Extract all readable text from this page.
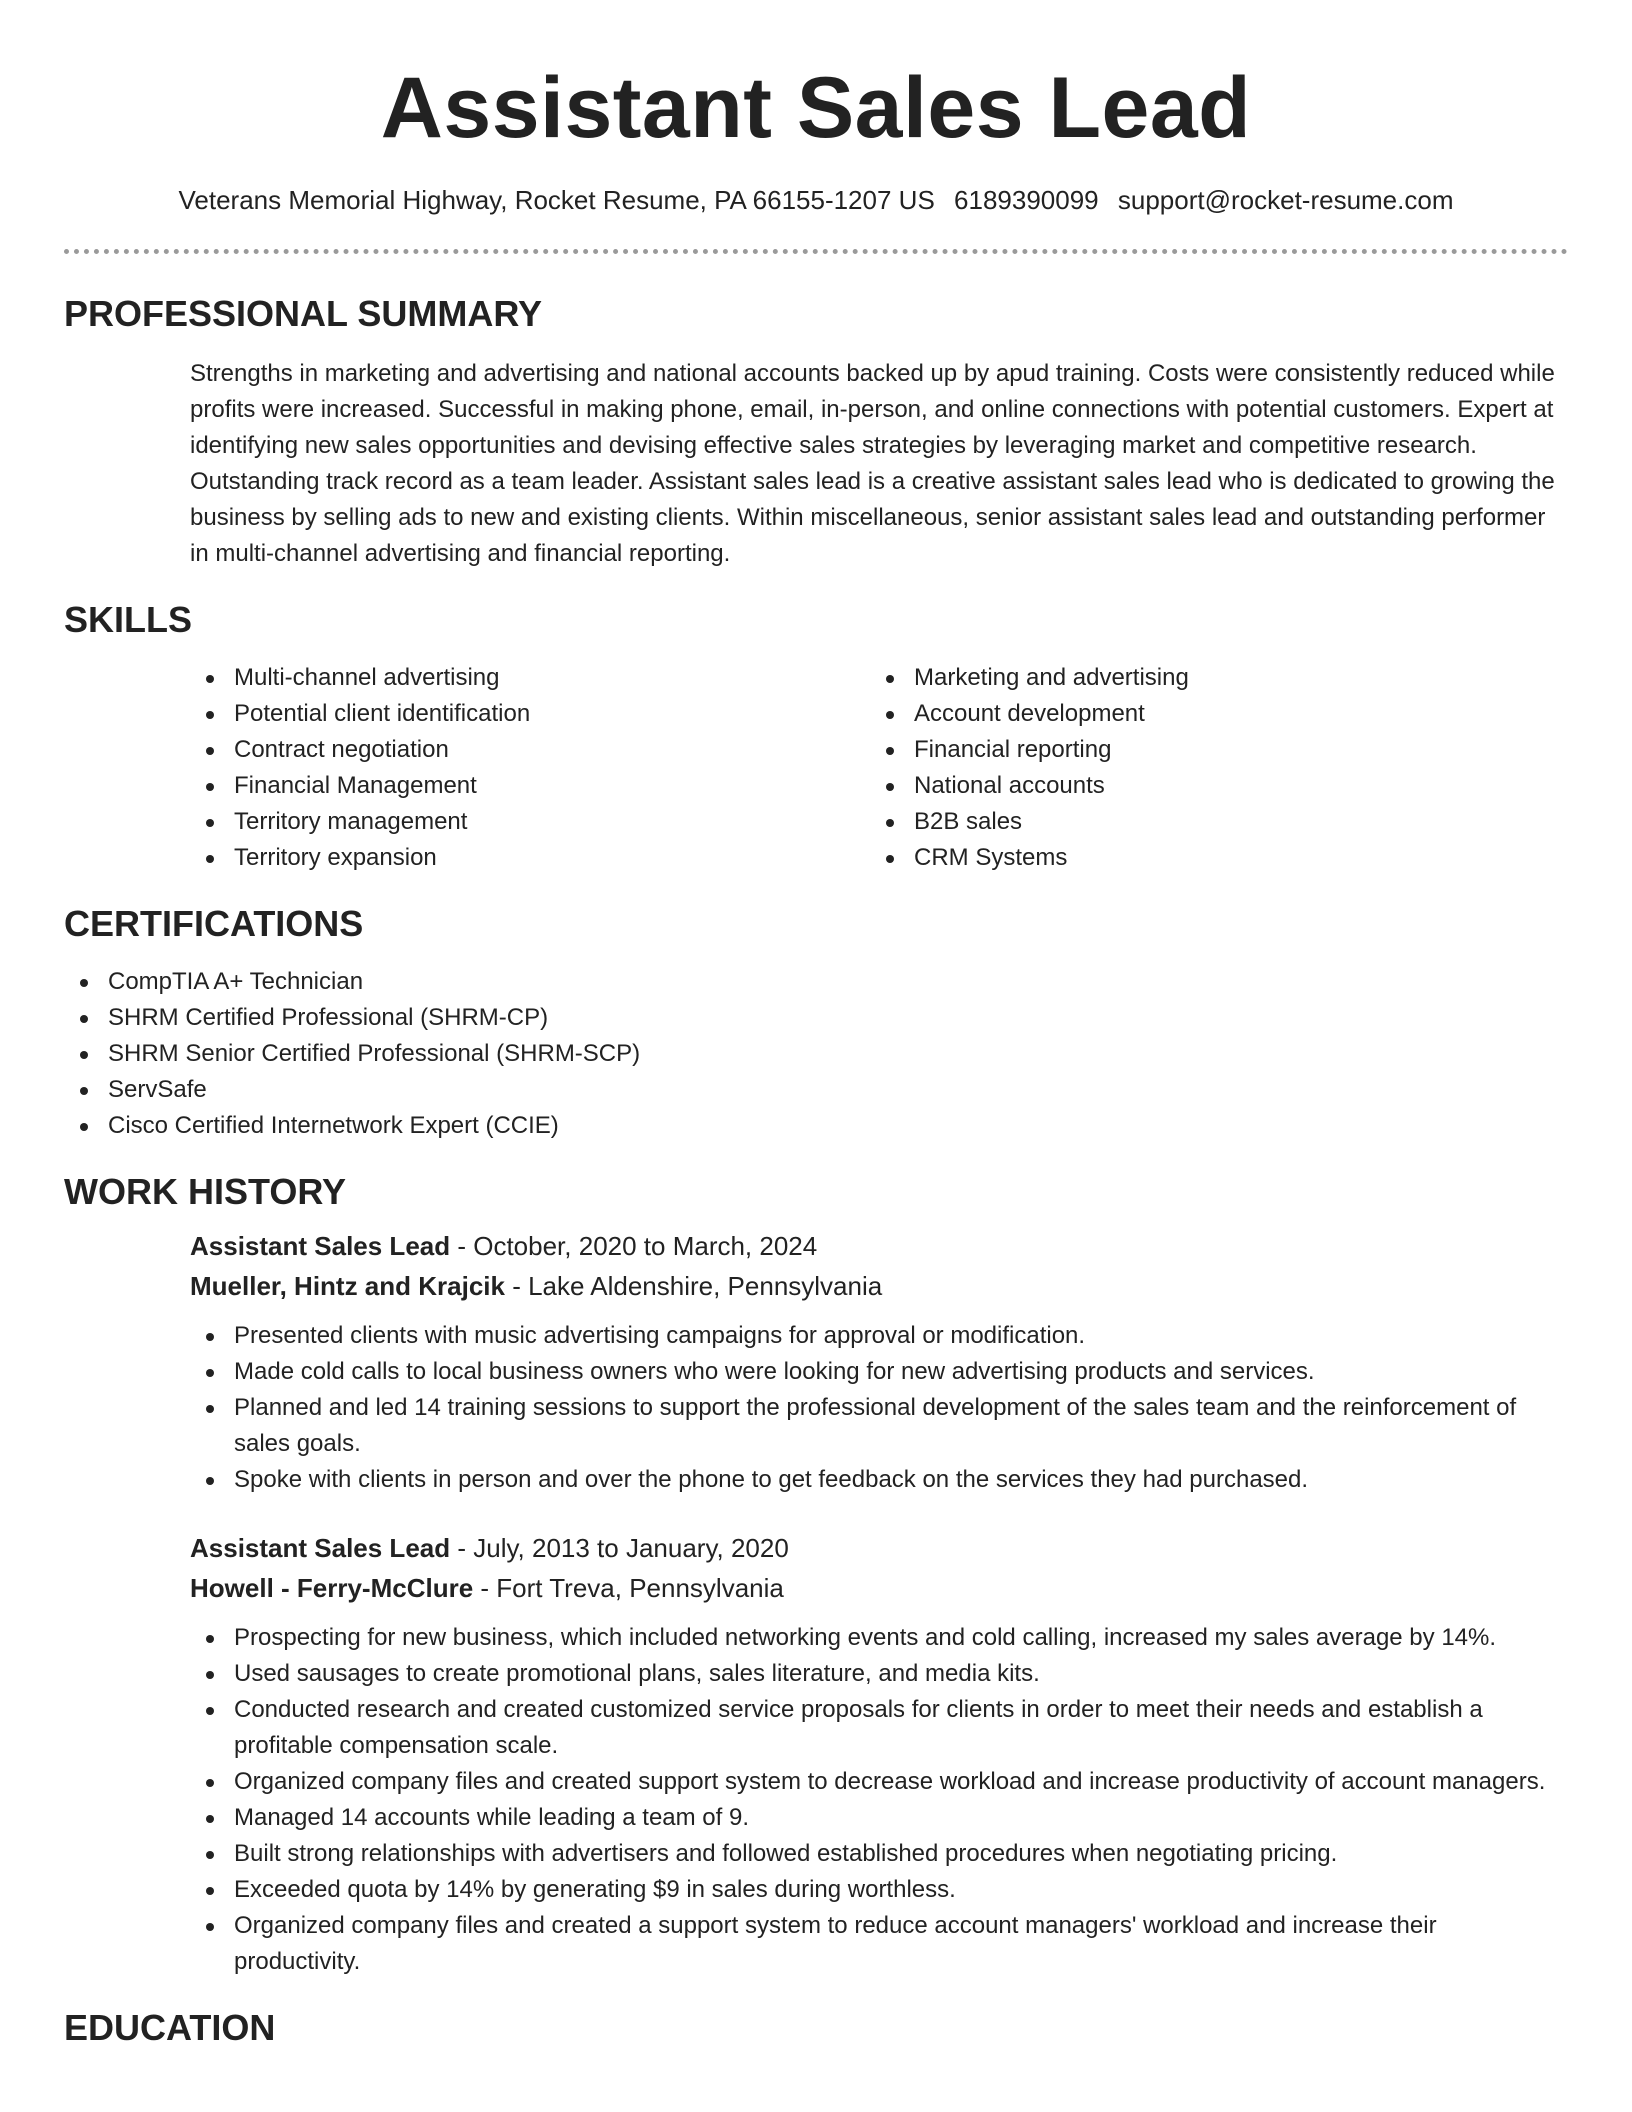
Assistant Sales Lead
Veterans Memorial Highway, Rocket Resume, PA 66155-1207 US 6189390099 support@rocket-resume.com
PROFESSIONAL SUMMARY

Strengths in marketing and advertising and national accounts backed up by apud training. Costs were consistently reduced while profits were increased. Successful in making phone, email, in-person, and online connections with potential customers. Expert at identifying new sales opportunities and devising effective sales strategies by leveraging market and competitive research. Outstanding track record as a team leader. Assistant sales lead is a creative assistant sales lead who is dedicated to growing the business by selling ads to new and existing clients. Within miscellaneous, senior assistant sales lead and outstanding performer in multi-channel advertising and financial reporting.

SKILLS
Multi-channel advertising
Potential client identification
Contract negotiation
Financial Management
Territory management
Territory expansion
Marketing and advertising
Account development
Financial reporting
National accounts
B2B sales
CRM Systems
CERTIFICATIONS
CompTIA A+ Technician
SHRM Certified Professional (SHRM-CP)
SHRM Senior Certified Professional (SHRM-SCP)
ServSafe
Cisco Certified Internetwork Expert (CCIE)
WORK HISTORY
Assistant Sales Lead - October, 2020 to March, 2024
Mueller, Hintz and Krajcik - Lake Aldenshire, Pennsylvania
Presented clients with music advertising campaigns for approval or modification.
Made cold calls to local business owners who were looking for new advertising products and services.
Planned and led 14 training sessions to support the professional development of the sales team and the reinforcement of sales goals.
Spoke with clients in person and over the phone to get feedback on the services they had purchased.
Assistant Sales Lead - July, 2013 to January, 2020
Howell - Ferry-McClure - Fort Treva, Pennsylvania
Prospecting for new business, which included networking events and cold calling, increased my sales average by 14%.
Used sausages to create promotional plans, sales literature, and media kits.
Conducted research and created customized service proposals for clients in order to meet their needs and establish a profitable compensation scale.
Organized company files and created support system to decrease workload and increase productivity of account managers.
Managed 14 accounts while leading a team of 9.
Built strong relationships with advertisers and followed established procedures when negotiating pricing.
Exceeded quota by 14% by generating $9 in sales during worthless.
Organized company files and created a support system to reduce account managers' workload and increase their productivity.
EDUCATION
